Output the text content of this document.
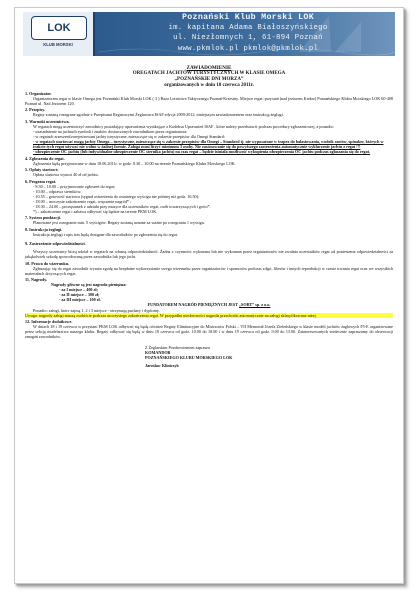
LOK
KLUB MORSKI
Poznański Klub Morski LOK
im. kapitana Adama Białoszyńskiego
ul. Niezłomnych 1, 61-894 Poznań
www.pkmlok.pl pkmlok@pkmlok.pl
ZAWIADOMIENIE
OREGATACH JACHTÓW TURYSTYCZNYCH W KLASIE OMEGA
„POZNAŃSKIE DNI MORZA”
organizowanych w dniu 18 czerwca 2011r.
1. Organizator.
Organizatorem regat w klasie Omega jest Poznański Klub Morski LOK ( 3 ) Baza Lotnictwa Taktycznego Poznań-Krzesiny. Miejsce regat: przystań (nad jeziorem Kiekrz) Poznańskiego Klubu Morskiego LOK 60-408 Poznań ul. Nad Jeziorem 120.
2. Przepisy.
Regaty zostaną rozegrane zgodnie z Przepisami Regatowymi Żeglarstwa ISAF edycja 2009-2012, niniejszym zawiadomieniem oraz instrukcją żeglugi.
3. Warunki uczestnictwa.
W regatach mogą uczestniczyć zawodnicy posiadający uprawnienia wynikające z Kodeksu Uprawnień ISAF , które należy przedstawić podczas procedury zgłoszeniowej, a ponadto:
- uzasadnienie na jachtach symboli i znaków dostarczonych zawodnikom przez organizatora;
- w regatach zrzeszeni/zarejestrowani jachty turystyczne, mieszczące się w zakresie przepisów dla Omegi Standard:
- w regatach startować mogą jachty Omega – turystyczne, mieszczące się w zakresie przepisów dla Omegi – Standard tj. nie wyposażone w trapez do balastowania, wodzik szotów, spinaker, których w trakcie tych regat używać nie wolno w żadnej formie. Załoga musi liczyć minimum 3 osoby. Nie zastosowanie się do powyższego zastrzeżenia automatycznie wykluczenie jachtu z regat !!!
- ubezpieczenie OC jachtu (lub indywidualne ubezpieczenie OC sternika jachtu) na czas regat – będzie istniała możliwość wykupienia ubezpieczenia OC jachtu podczas zgłaszania się do regat.
4. Zgłoszenia do regat.
Zgłoszenia będą przyjmowane w dniu 18.06.2011r. w godz. 8.30 – 10.00 na terenie Poznańskiego Klubu Morskiego LOK.
5. Opłaty startowe.
Opłata startowa wynosi 40 zł od jachtu.
6. Program regat.
- 8.30 – 10.00 – przyjmowanie zgłoszeń do regat;
- 10.00 – odprawa sterników.
- 10.55 – gotowość startowa (sygnał ostrzeżenia do ostatniego wyścigu nie później niż godz. 16.50);
- 18.00 – uroczyste zakończenie regat, wręczenie nagród* ;
- 18.30 – 24.00 – poczęstunek z udziału przy muzyce dla uczestników regat, osób towarzyszących i gości*.
*) – zakończenie regat i zabawa odbywać się będzie na terenie PKM LOK.
7. System punktacji.
Planowane jest rozegranie min. 5 wyścigów. Regaty zostaną uznane za ważne po rozegraniu 1 wyścigu.
8. Instrukcja żeglugi.
Instrukcja żeglugi i opis tras będą dostępne dla zawodników po zgłoszeniu się do regat.
9. Zastrzeżenie odpowiedzialności.
Wszyscy uczestnicy biorą udział w regatach na własną odpowiedzialność. Żadna z czynności wykonana lub nie wykonana przez organizatorów nie zwalnia uczestników regat od poniesienia odpowiedzialności za jakąkolwiek szkodę spowodowaną przez zawodnika lub jego jacht.
10. Prawa do wizerunku.
Zgłaszając się do regat zawodnik wyraża zgodę na bezpłatne wykorzystanie swego wizerunku przez organizatorów i sponsorów podczas zdjęć, filmów i innych reprodukcji w czasie trwania regat oraz we wszystkich materiałach dotyczących regat.
11. Nagrody.
Nagrody główne są jest nagroda pieniężna:
- za I miejsce – 400 zł;
- za II miejsce – 300 zł;
- za III miejsce – 100 zł.
FUNDATOREM NAGRÓD PIENIĘŻNYCH JEST „SORT” sp. z o.o.
Ponadto: załogi, które zajmą 1, 2 i 3 miejsce - otrzymają puchary i dyplomy.
Uwaga: nagrody załogi muszą osobiście podczas uroczystego zakończenia regat. W przypadku nieobecności nagroda przechodzi automatycznie na załogi sklasyfikowane niżej.
12. Informacje dodatkowe.
W dniach 18 i 19 czerwca w przystani PKM LOK odbywać się będą również Regaty Eliminacyjne do Mistrzostw Polski – VII Memoriał Józefa Zieleńskiego w klasie modeli jachtów żaglowych F5-E organizowane przez sekcję modelarstwa naszego klubu. Regaty odbywać się będą w dniu 18 czerwca od godz. 10.00 do 18.00 i w dniu 19 czerwca od godz. 9.00 do 13.00. Zainteresowanych serdecznie zapraszamy do obserwacji zmagań zawodników.
Z Żeglarskim Pozdrowieniem zaprasza
KOMANDOR
POZNAŃSKIEGO KLUBU MORSKIEGO LOK
Jarosław Kliniczyk
